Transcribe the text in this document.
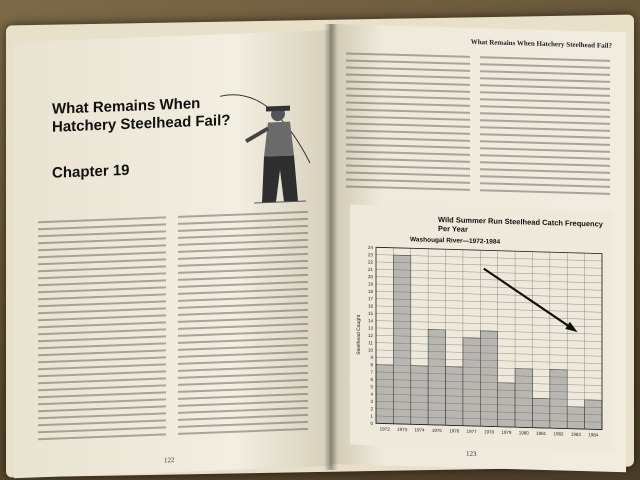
What Remains When Hatchery Steelhead Fail?
Chapter 19
122
What Remains When Hatchery Steelhead Fail?
Wild Summer Run Steelhead Catch Frequency Per Year
Washougal River—1972-1984
0
1
2
3
4
5
6
7
8
9
10
11
12
13
14
15
16
17
18
19
20
21
22
23
24
1972 1973 1974 1975 1976 1977 1978 1979 1980 1981 1982 1983 1984
Steelhead Caught
123
